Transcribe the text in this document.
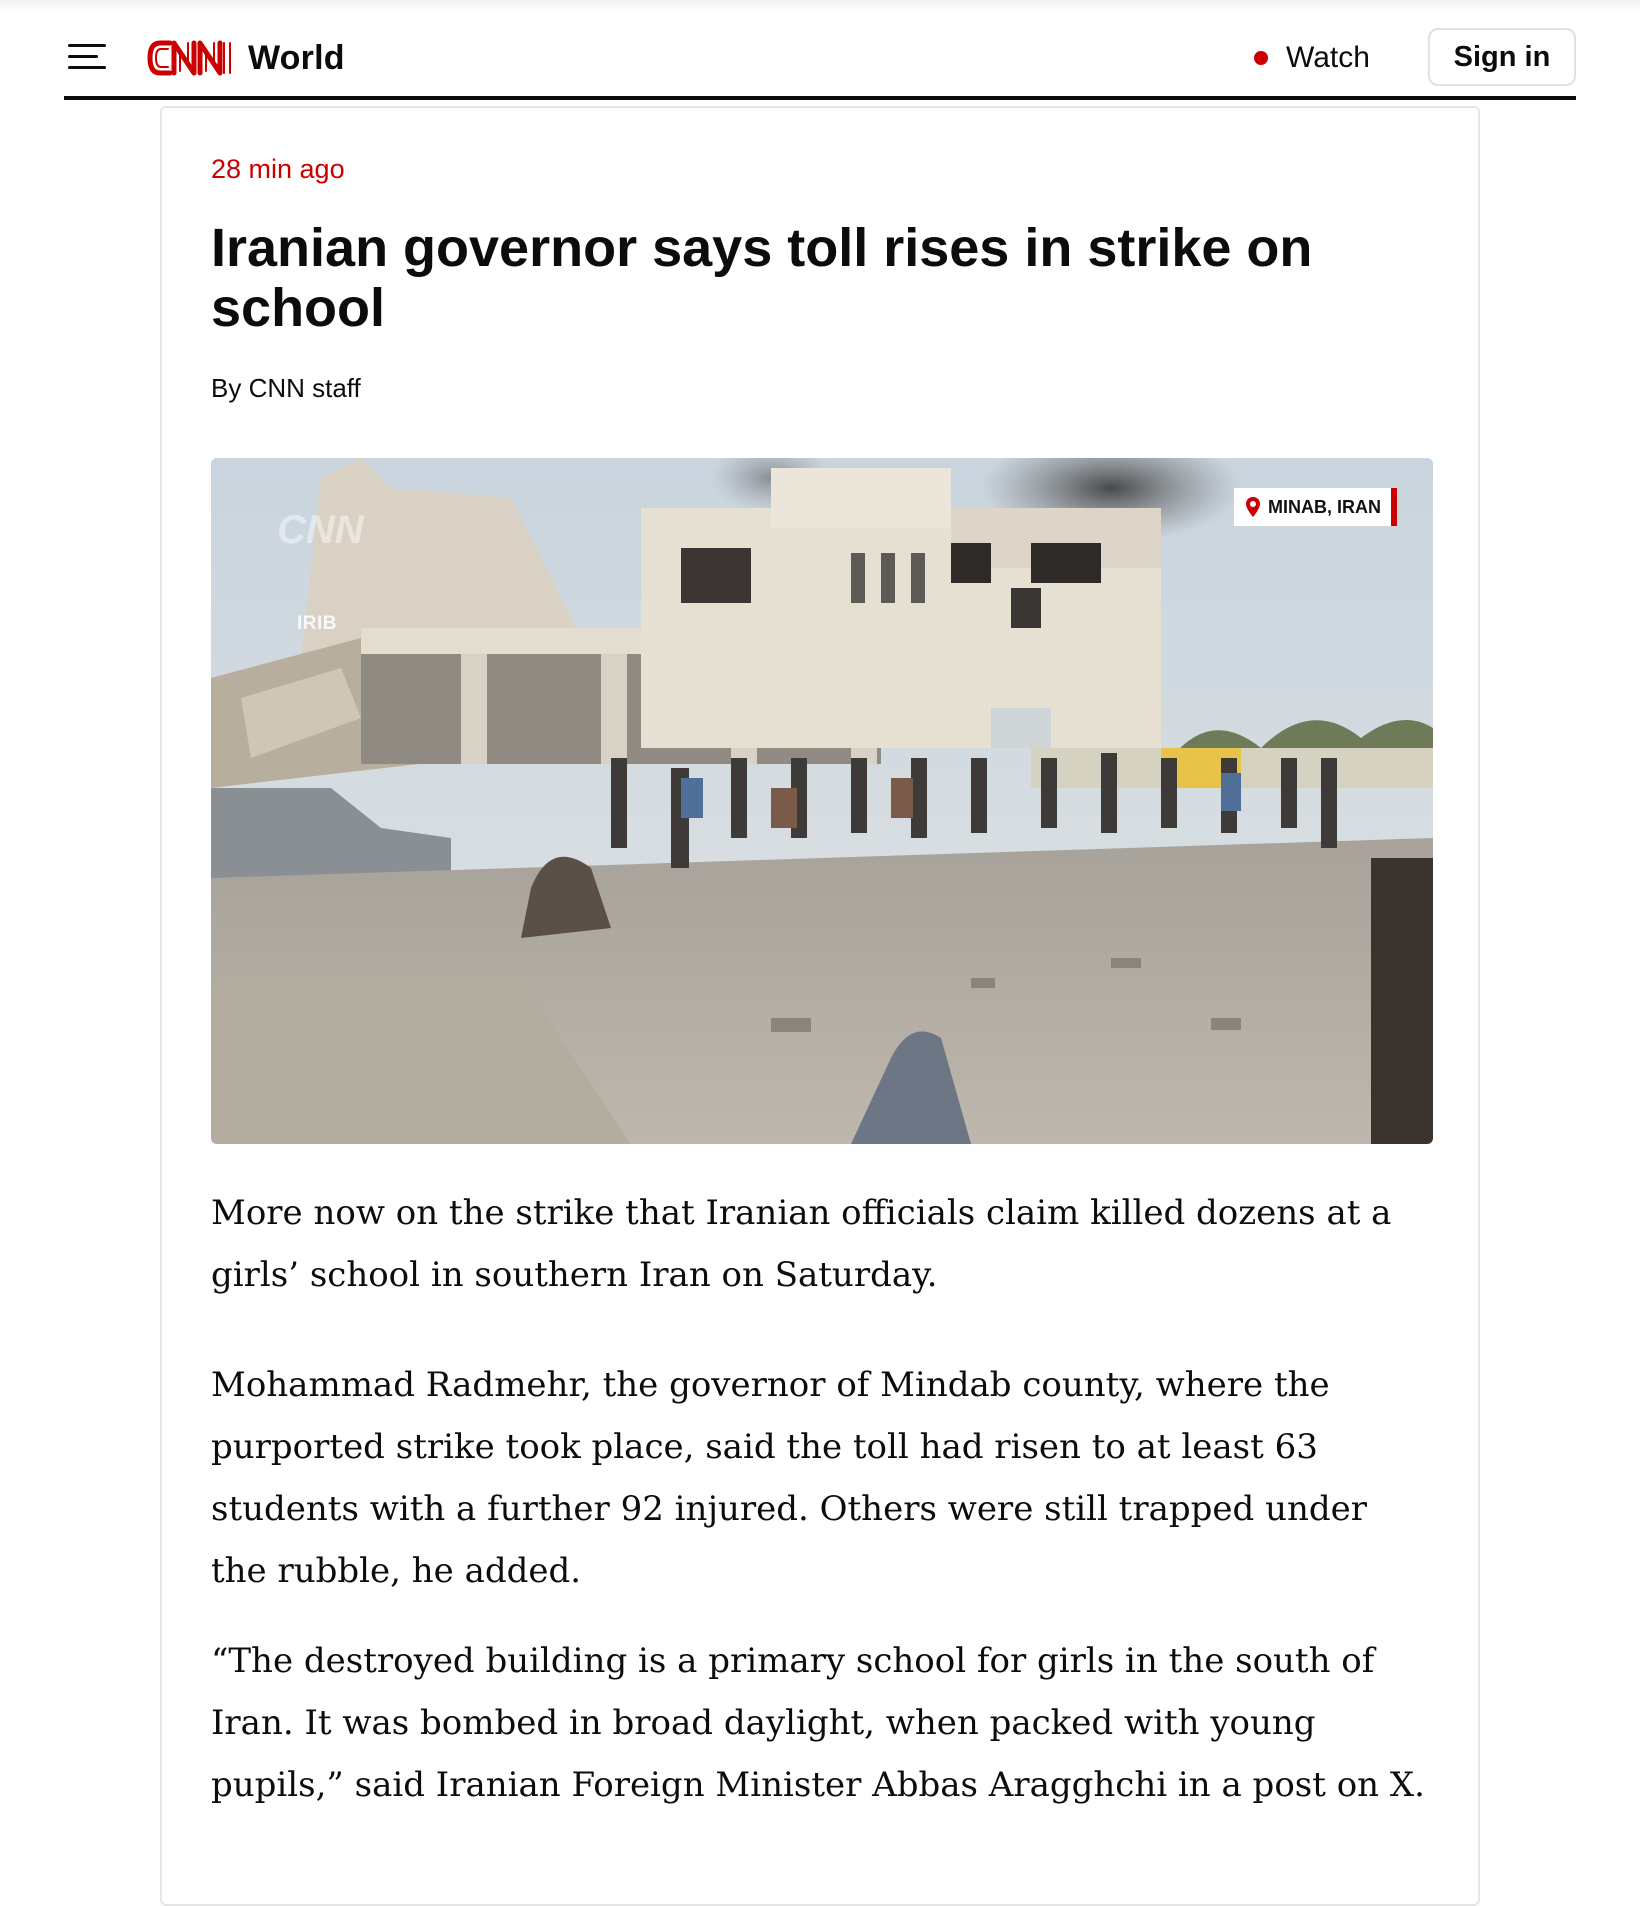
World	Watch	Sign in
28 min ago
Iranian governor says toll rises in strike on school
By CNN staff
CNN
IRIB
MINAB, IRAN

More now on the strike that Iranian officials claim killed dozens at a girls’ school in southern Iran on Saturday.

Mohammad Radmehr, the governor of Mindab county, where the purported strike took place, said the toll had risen to at least 63 students with a further 92 injured. Others were still trapped under the rubble, he added.

“The destroyed building is a primary school for girls in the south of Iran. It was bombed in broad daylight, when packed with young pupils,” said Iranian Foreign Minister Abbas Aragghchi in a post on X.
